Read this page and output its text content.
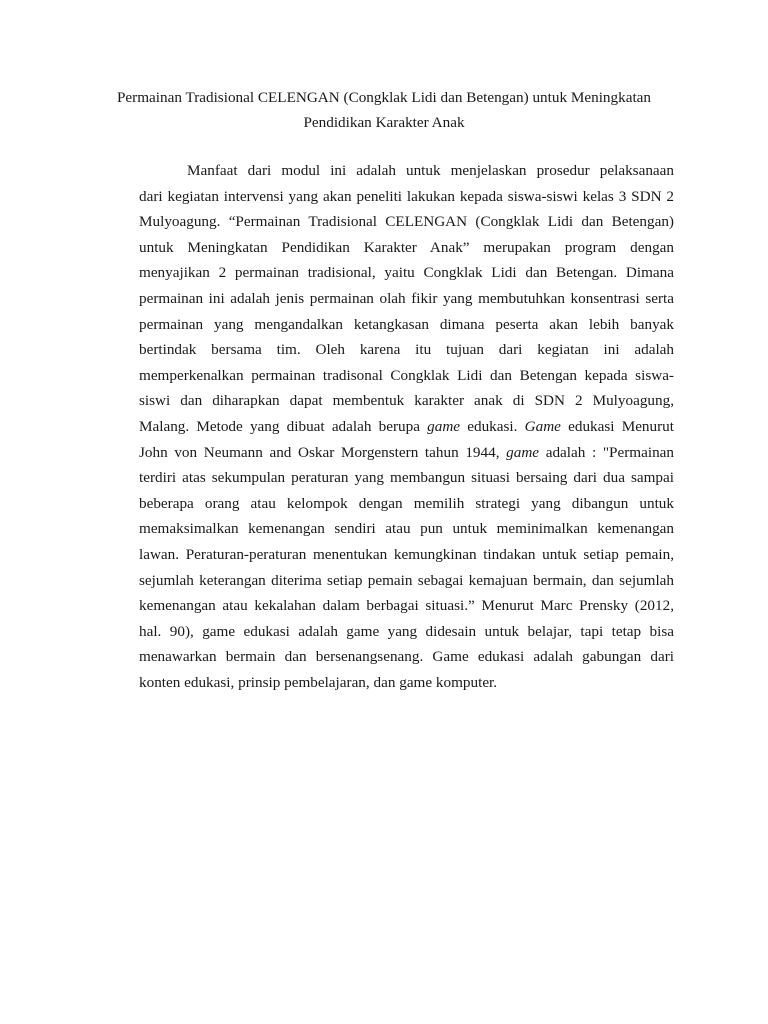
Permainan Tradisional CELENGAN (Congklak Lidi dan Betengan) untuk Meningkatan
Pendidikan Karakter Anak
Manfaat dari modul ini adalah untuk menjelaskan prosedur pelaksanaan
dari kegiatan intervensi yang akan peneliti lakukan kepada siswa-siswi kelas 3 SDN 2
Mulyoagung. “Permainan Tradisional CELENGAN (Congklak Lidi dan Betengan)
untuk Meningkatan Pendidikan Karakter Anak” merupakan program dengan
menyajikan 2 permainan tradisional, yaitu Congklak Lidi dan Betengan. Dimana
permainan ini adalah jenis permainan olah fikir yang membutuhkan konsentrasi serta
permainan yang mengandalkan ketangkasan dimana peserta akan lebih banyak
bertindak bersama tim. Oleh karena itu tujuan dari kegiatan ini adalah
memperkenalkan permainan tradisonal Congklak Lidi dan Betengan kepada siswa-
siswi dan diharapkan dapat membentuk karakter anak di SDN 2 Mulyoagung,
Malang. Metode yang dibuat adalah berupa game edukasi. Game edukasi Menurut
John von Neumann and Oskar Morgenstern tahun 1944, game adalah : "Permainan
terdiri atas sekumpulan peraturan yang membangun situasi bersaing dari dua sampai
beberapa orang atau kelompok dengan memilih strategi yang dibangun untuk
memaksimalkan kemenangan sendiri atau pun untuk meminimalkan kemenangan
lawan. Peraturan-peraturan menentukan kemungkinan tindakan untuk setiap pemain,
sejumlah keterangan diterima setiap pemain sebagai kemajuan bermain, dan sejumlah
kemenangan atau kekalahan dalam berbagai situasi.” Menurut Marc Prensky (2012,
hal. 90), game edukasi adalah game yang didesain untuk belajar, tapi tetap bisa
menawarkan bermain dan bersenangsenang. Game edukasi adalah gabungan dari
konten edukasi, prinsip pembelajaran, dan game komputer.
